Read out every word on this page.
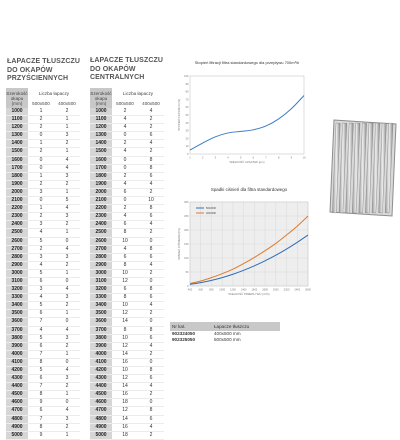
ŁAPACZE TŁUSZCZU
DO OKAPÓW
PRZYŚCIENNYCH
Szerokość
okapu
(mm)	Liczba łapaczy	
	500x500	400x500
1000	1	2
1100	2	1
1200	2	1
1300	0	3
1400	1	2
1500	2	1
1600	0	4
1700	0	4
1800	1	3
1900	2	2
2000	3	1
2100	0	5
2200	1	4
2300	2	3
2400	3	2
2500	4	1
2600	5	0
2700	2	4
2800	3	3
2900	4	2
3000	5	1
3100	6	0
3200	3	4
3300	4	3
3400	5	2
3500	6	1
3600	7	0
3700	4	4
3800	5	3
3900	6	2
4000	7	1
4100	8	0
4200	5	4
4300	6	3
4400	7	2
4500	8	1
4600	9	0
4700	6	4
4800	7	3
4900	8	2
5000	9	1
ŁAPACZE TŁUSZCZU
DO OKAPÓW
CENTRALNYCH
Szerokość
okapu
(mm)	Liczba łapaczy	
	500x500	400x500
1000	2	4
1100	4	2
1200	4	2
1300	0	6
1400	2	4
1500	4	2
1600	0	8
1700	0	8
1800	2	6
1900	4	4
2000	6	2
2100	0	10
2200	2	8
2300	4	6
2400	6	4
2500	8	2
2600	10	0
2700	4	8
2800	6	6
2900	8	4
3000	10	2
3100	12	0
3200	6	8
3300	8	6
3400	10	4
3500	12	2
3600	14	0
3700	8	8
3800	10	6
3900	12	4
4000	14	2
4100	16	0
4200	10	8
4300	12	6
4400	14	4
4500	16	2
4600	18	0
4700	12	8
4800	14	6
4900	16	4
5000	18	2
Stopień filtracji filtra standardowego dla przepływu 700m³/h
1	2	3	4	5	6	7	8	9	10
0
10
20
30
40
50
60
70
80
90
100
WIELKOŚĆ CZĄSTEK (µm)
STOPIEŃ FILTRACJI (%)
Spadki ciśnień dla filtra standardowego
400 600 800 1000 1200 1400 1600 1800 2000 2200 2400 2600
0
50
100
150
200
250
300
WIELKOŚĆ PRZEPŁYWU (m³/h)
SPADEK CIŚNIENIA (Pa)
500x500
400x500
Nr kat.	Łapacze tłuszczu
902324050	400x500 mm
902325050	500x500 mm
